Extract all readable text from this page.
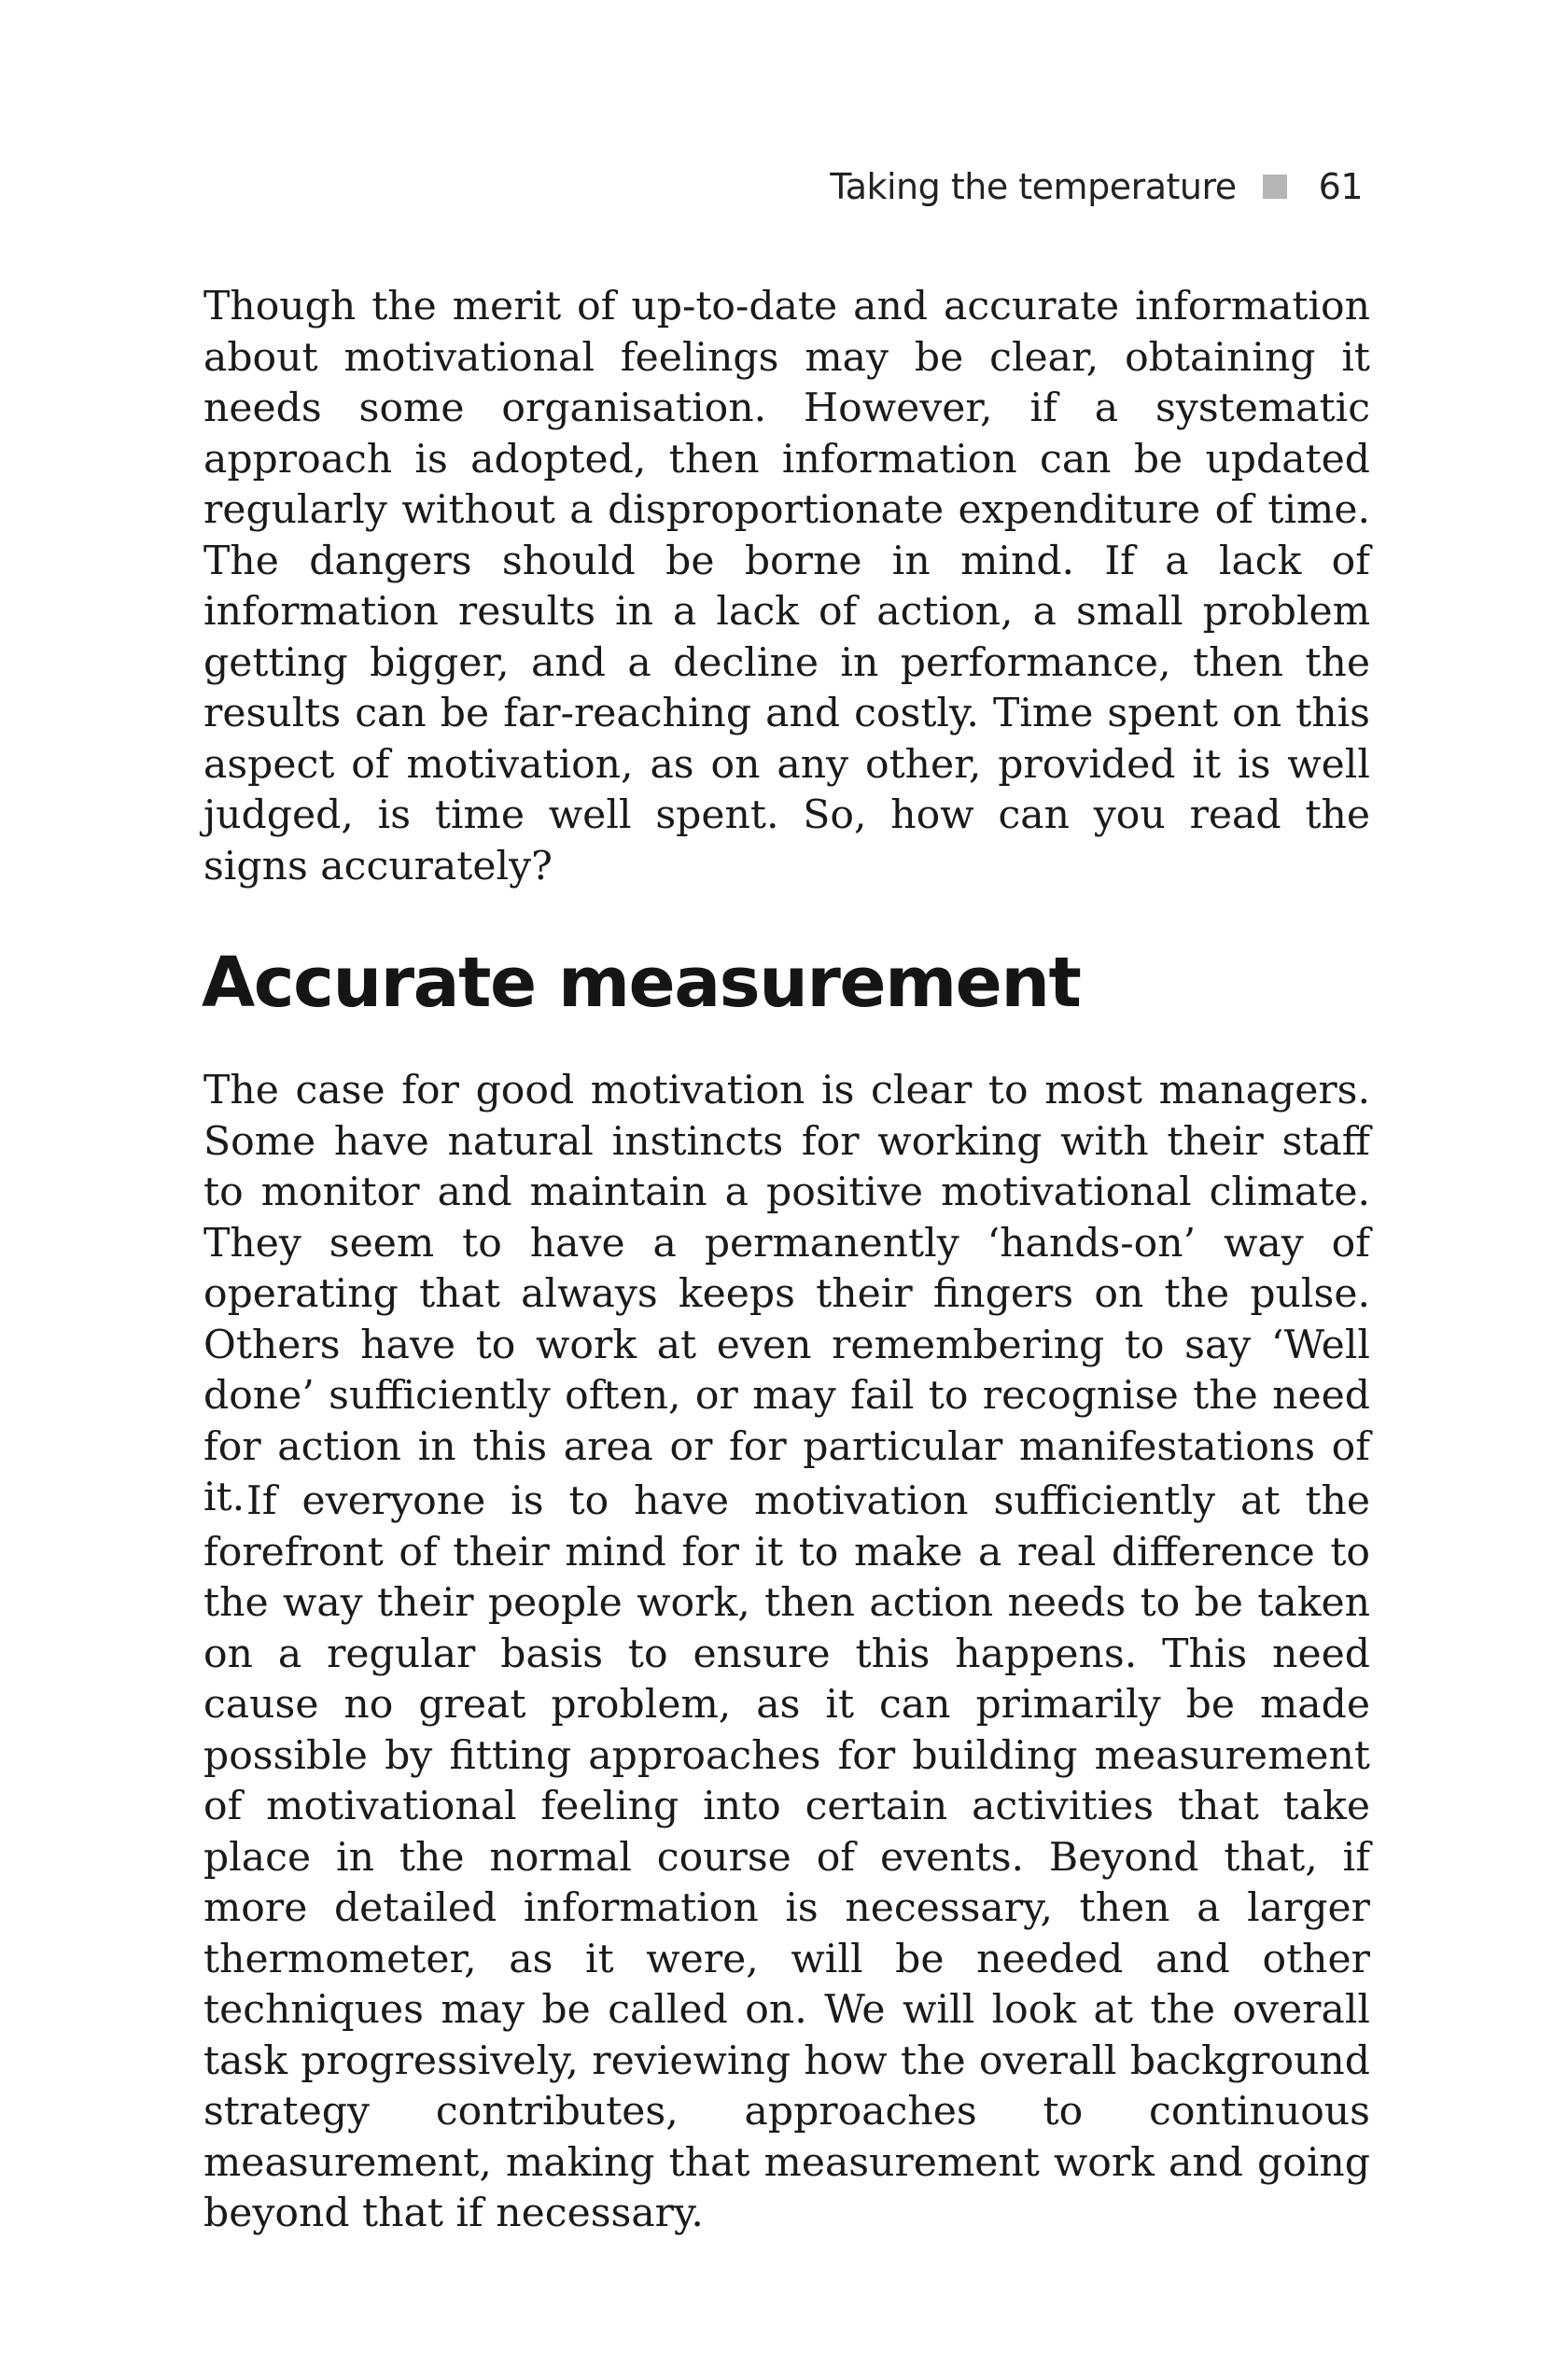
Taking the temperature 61

Though the merit of up-to-date and accurate information about motivational feelings may be clear, obtaining it needs some organisation. However, if a systematic approach is adopted, then information can be updated regularly without a disproportionate expenditure of time. The dangers should be borne in mind. If a lack of information results in a lack of action, a small problem getting bigger, and a decline in performance, then the results can be far-reaching and costly. Time spent on this aspect of motivation, as on any other, provided it is well judged, is time well spent. So, how can you read the signs accurately?

Accurate measurement

The case for good motivation is clear to most managers. Some have natural instincts for working with their staff to monitor and maintain a positive motivational climate. They seem to have a permanently ‘hands-on’ way of operating that always keeps their fingers on the pulse. Others have to work at even remembering to say ‘Well done’ sufficiently often, or may fail to recognise the need for action in this area or for particular manifestations of it. If everyone is to have motivation sufficiently at the forefront of their mind for it to make a real difference to the way their people work, then action needs to be taken on a regular basis to ensure this happens. This need cause no great problem, as it can primarily be made possible by fitting approaches for building measurement of motivational feeling into certain activities that take place in the normal course of events. Beyond that, if more detailed information is necessary, then a larger thermometer, as it were, will be needed and other techniques may be called on. We will look at the overall task progressively, reviewing how the overall background strategy contributes, approaches to continuous measurement, making that measurement work and going beyond that if necessary.
